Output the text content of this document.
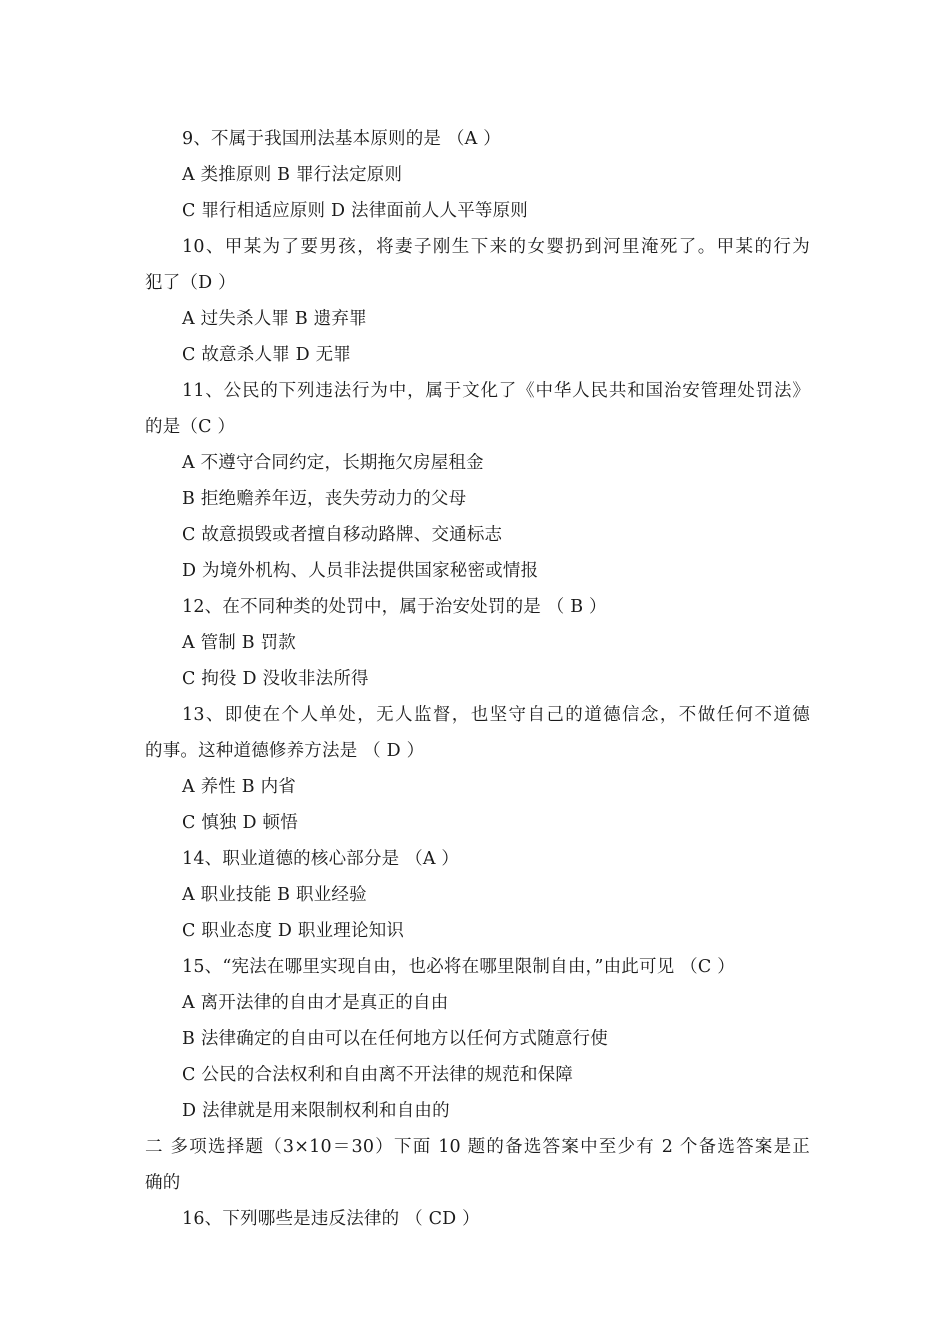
9、不属于我国刑法基本原则的是 （A ）
A 类推原则 B 罪行法定原则
C 罪行相适应原则 D 法律面前人人平等原则
10、甲某为了要男孩，将妻子刚生下来的女婴扔到河里淹死了。甲某的行为
犯了（D ）
A 过失杀人罪 B 遗弃罪
C 故意杀人罪 D 无罪
11、公民的下列违法行为中，属于文化了《中华人民共和国治安管理处罚法》
的是（C ）
A 不遵守合同约定，长期拖欠房屋租金
B 拒绝赡养年迈，丧失劳动力的父母
C 故意损毁或者擅自移动路牌、交通标志
D 为境外机构、人员非法提供国家秘密或情报
12、在不同种类的处罚中，属于治安处罚的是 （ B ）
A 管制 B 罚款
C 拘役 D 没收非法所得
13、即使在个人单处，无人监督，也坚守自己的道德信念，不做任何不道德
的事。这种道德修养方法是 （ D ）
A 养性 B 内省
C 慎独 D 顿悟
14、职业道德的核心部分是 （A ）
A 职业技能 B 职业经验
C 职业态度 D 职业理论知识
15、“宪法在哪里实现自由，也必将在哪里限制自由，”由此可见 （C ）
A 离开法律的自由才是真正的自由
B 法律确定的自由可以在任何地方以任何方式随意行使
C 公民的合法权利和自由离不开法律的规范和保障
D 法律就是用来限制权利和自由的
二 多项选择题（3×10＝30）下面 10 题的备选答案中至少有 2 个备选答案是正
确的
16、下列哪些是违反法律的 （ CD ）
